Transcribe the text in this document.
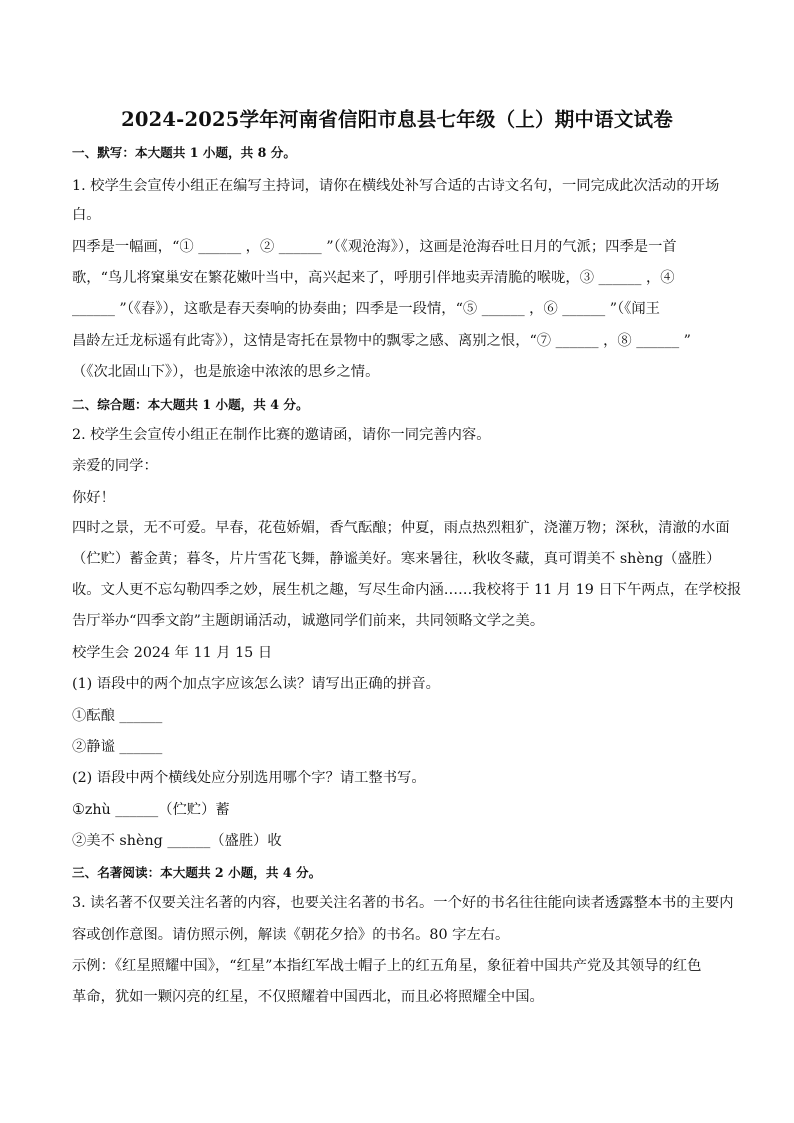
2024-2025学年河南省信阳市息县七年级（上）期中语文试卷
一、默写：本大题共 1 小题，共 8 分。
1. 校学生会宣传小组正在编写主持词，请你在横线处补写合适的古诗文名句，一同完成此次活动的开场
白。
四季是一幅画，“① ______ ，② ______ ”（《观沧海》），这画是沧海吞吐日月的气派；四季是一首
歌，“鸟儿将窠巢安在繁花嫩叶当中，高兴起来了，呼朋引伴地卖弄清脆的喉咙，③ ______ ，④
______ ”（《春》），这歌是春天奏响的协奏曲；四季是一段情，“⑤ ______ ，⑥ ______ ”（《闻王
昌龄左迁龙标遥有此寄》），这情是寄托在景物中的飘零之感、离别之恨，“⑦ ______ ，⑧ ______ ”
（《次北固山下》），也是旅途中浓浓的思乡之情。
二、综合题：本大题共 1 小题，共 4 分。
2. 校学生会宣传小组正在制作比赛的邀请函，请你一同完善内容。
亲爱的同学：
你好！
四时之景，无不可爱。早春，花苞娇媚，香气酝酿；仲夏，雨点热烈粗犷，浇灌万物；深秋，清澈的水面
（伫贮）蓄金黄；暮冬，片片雪花飞舞，静谧美好。寒来暑往，秋收冬藏，真可谓美不 shèng（盛胜）
收。文人更不忘勾勒四季之妙，展生机之趣，写尽生命内涵……我校将于 11 月 19 日下午两点，在学校报
告厅举办“四季文韵”主题朗诵活动，诚邀同学们前来，共同领略文学之美。
校学生会 2024 年 11 月 15 日
(1) 语段中的两个加点字应该怎么读？请写出正确的拼音。
①酝酿 ______
②静谧 ______
(2) 语段中两个横线处应分别选用哪个字？请工整书写。
①zhù ______（伫贮）蓄
②美不 shèng ______（盛胜）收
三、名著阅读：本大题共 2 小题，共 4 分。
3. 读名著不仅要关注名著的内容，也要关注名著的书名。一个好的书名往往能向读者透露整本书的主要内
容或创作意图。请仿照示例，解读《朝花夕拾》的书名。80 字左右。
示例：《红星照耀中国》，“红星”本指红军战士帽子上的红五角星，象征着中国共产党及其领导的红色
革命，犹如一颗闪亮的红星，不仅照耀着中国西北，而且必将照耀全中国。
